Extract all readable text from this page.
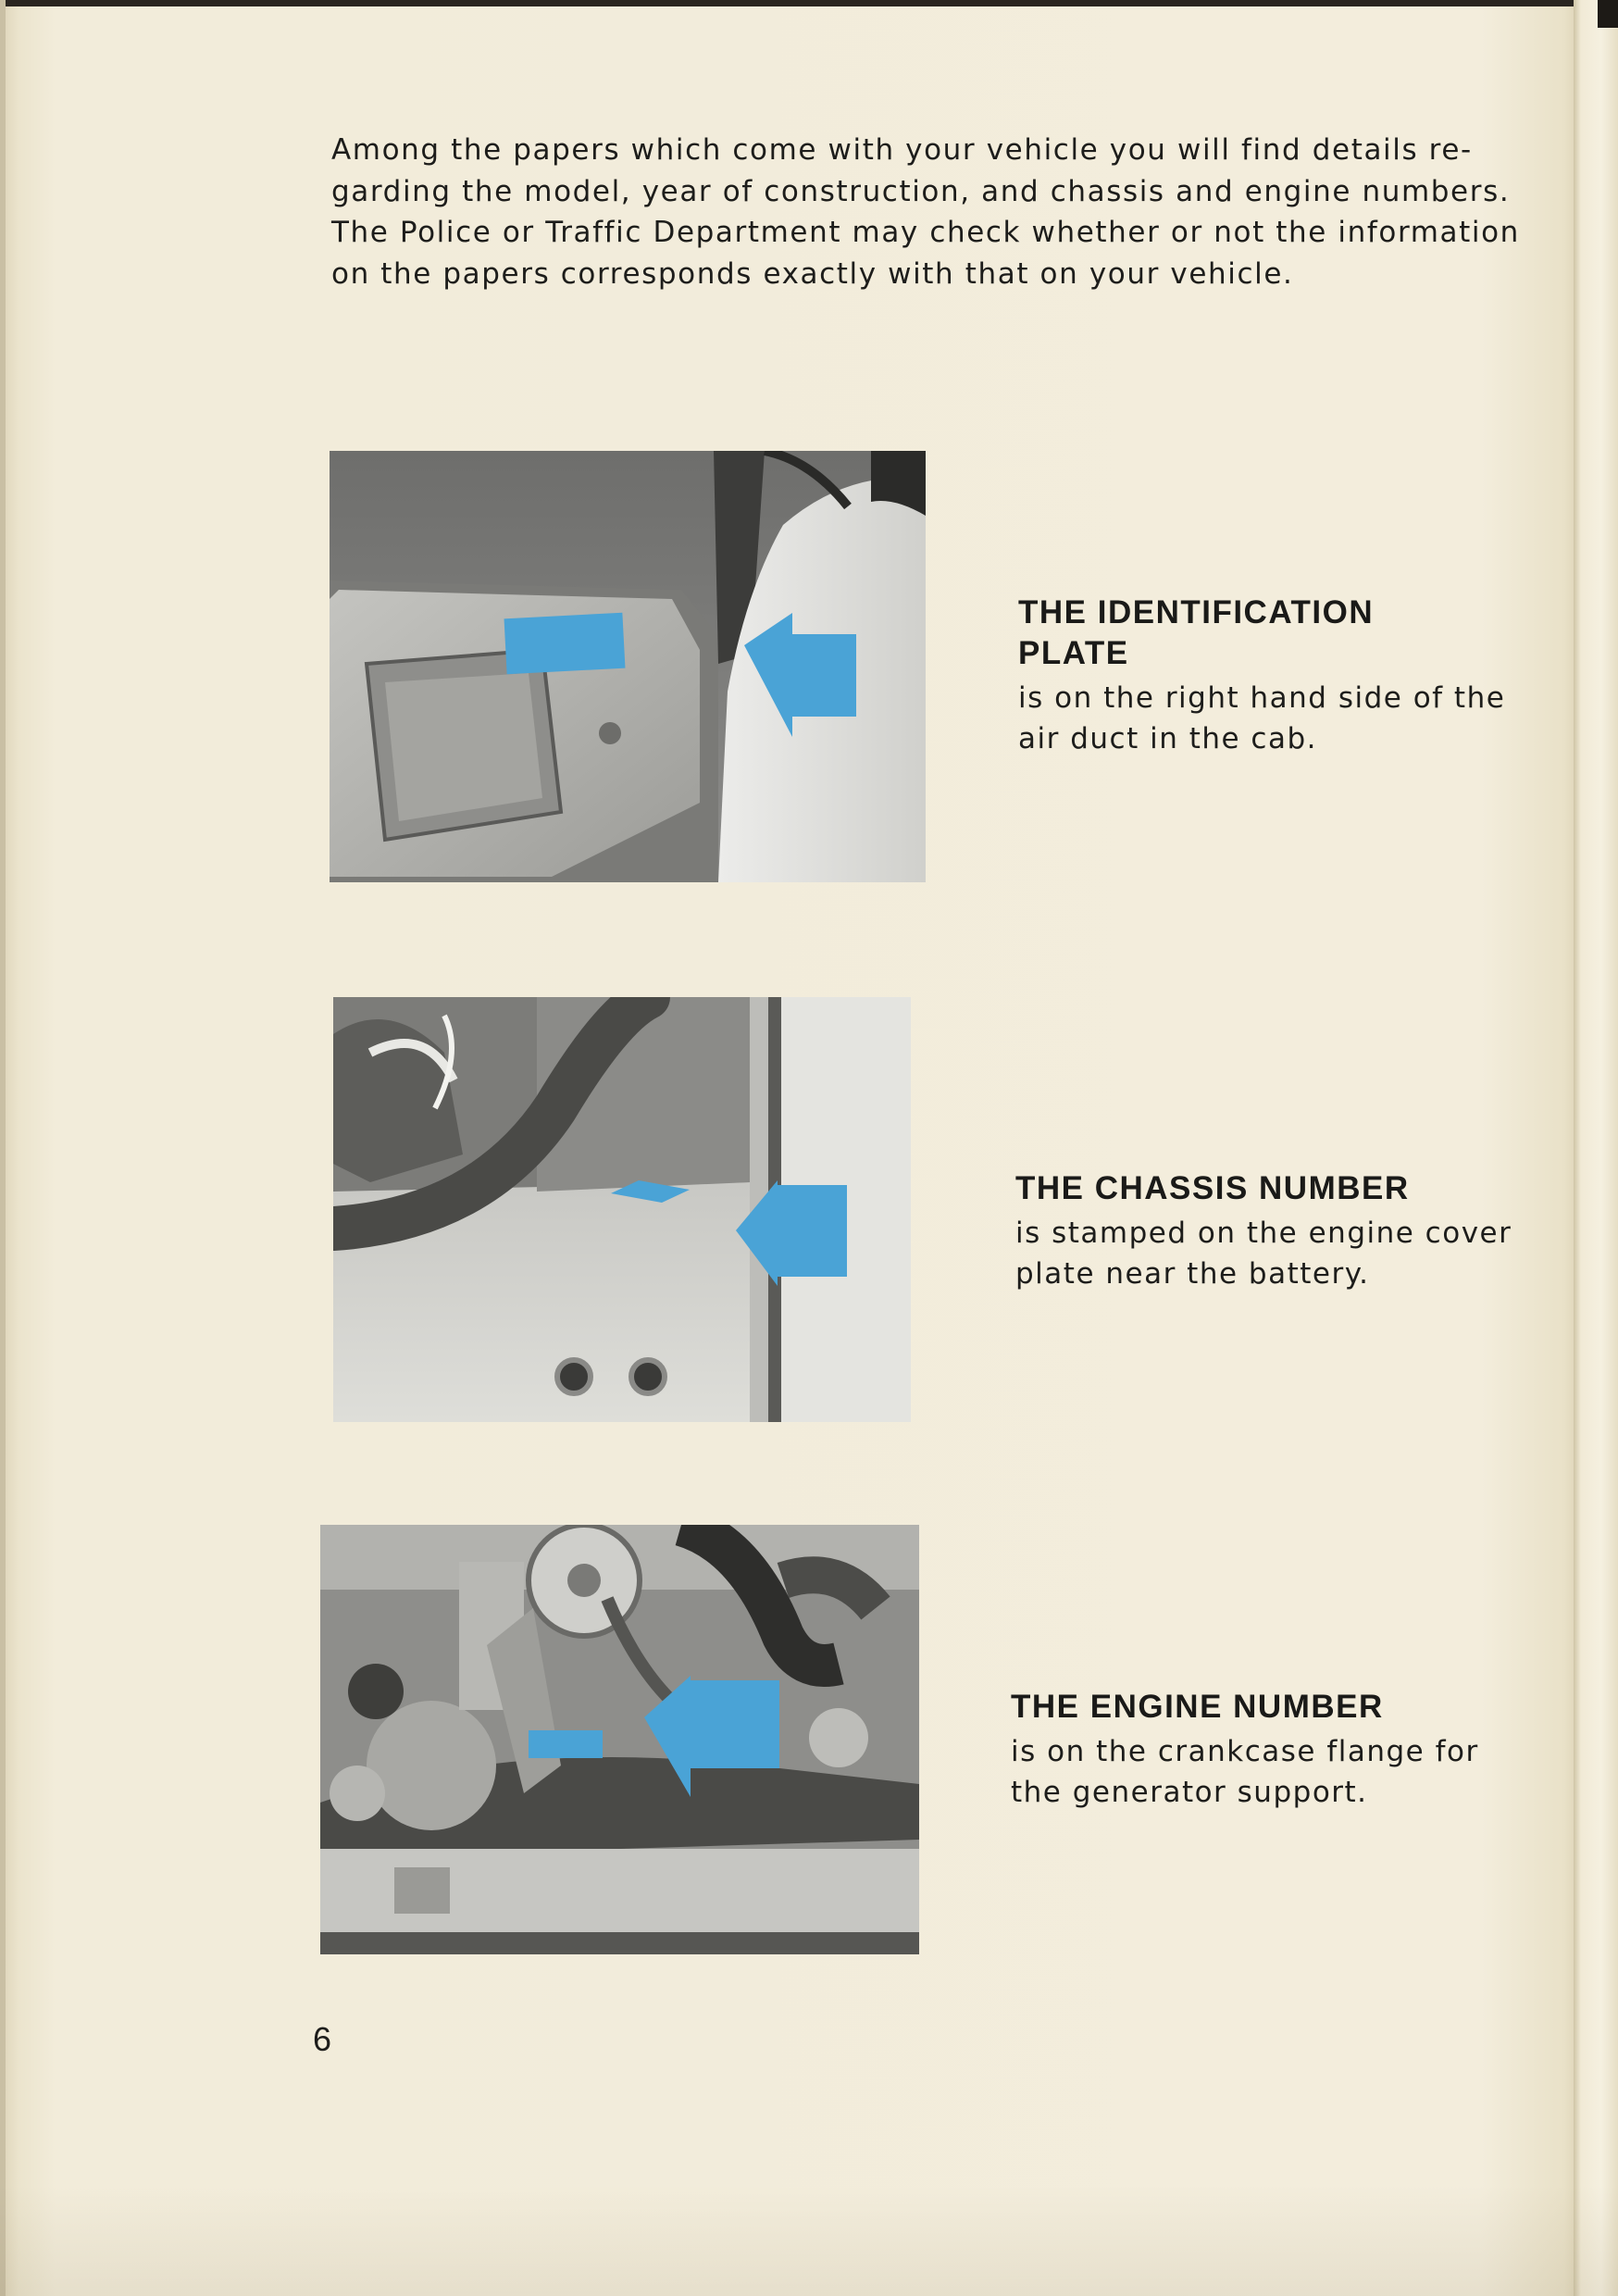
Among the papers which come with your vehicle you will find details re-
garding the model, year of construction, and chassis and engine numbers.
The Police or Traffic Department may check whether or not the information
on the papers corresponds exactly with that on your vehicle.
THE IDENTIFICATION
PLATE

is on the right hand side of the
air duct in the cab.

THE CHASSIS NUMBER

is stamped on the engine cover
plate near the battery.

THE ENGINE NUMBER

is on the crankcase flange for
the generator support.

6
